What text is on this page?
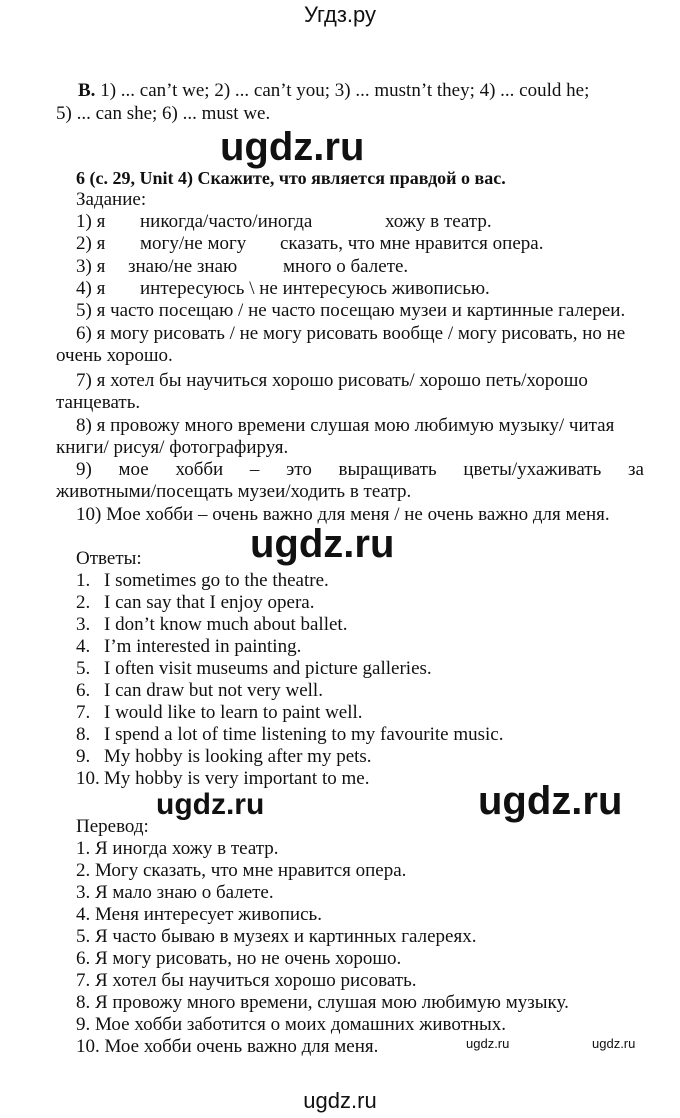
Угдз.ру
B. 1) ... can’t we; 2) ... can’t you; 3) ... mustn’t they; 4) ... could he;
5) ... can she; 6) ... must we.
ugdz.ru
6 (с. 29, Unit 4) Скажите, что является правдой о вас.
Задание:
1) я никогда/часто/иногда	хожу в театр.
2) я могу/не могу сказать, что мне нравится опера.
3) я знаю/не знаю много о балете.
4) я интересуюсь \ не интересуюсь живописью.
5) я часто посещаю / не часто посещаю музеи и картинные галереи.
6) я могу рисовать / не могу рисовать вообще / могу рисовать, но не
очень хорошо.
7) я хотел бы научиться хорошо рисовать/ хорошо петь/хорошо
танцевать.
8) я провожу много времени слушая мою любимую музыку/ читая
книги/ рисуя/ фотографируя.
9) мое хобби – это выращивать цветы/ухаживать за
животными/посещать музеи/ходить в театр.
10) Мое хобби – очень важно для меня / не очень важно для меня.
ugdz.ru
Ответы:
1. I sometimes go to the theatre.
2. I can say that I enjoy opera.
3. I don’t know much about ballet.
4. I’m interested in painting.
5. I often visit museums and picture galleries.
6. I can draw but not very well.
7. I would like to learn to paint well.
8. I spend a lot of time listening to my favourite music.
9. My hobby is looking after my pets.
10. My hobby is very important to me.
ugdz.ru	ugdz.ru
Перевод:
1. Я иногда хожу в театр.
2. Могу сказать, что мне нравится опера.
3. Я мало знаю о балете.
4. Меня интересует живопись.
5. Я часто бываю в музеях и картинных галереях.
6. Я могу рисовать, но не очень хорошо.
7. Я хотел бы научиться хорошо рисовать.
8. Я провожу много времени, слушая мою любимую музыку.
9. Мое хобби заботится о моих домашних животных.
10. Мое хобби очень важно для меня.	ugdz.ru	ugdz.ru
ugdz.ru
